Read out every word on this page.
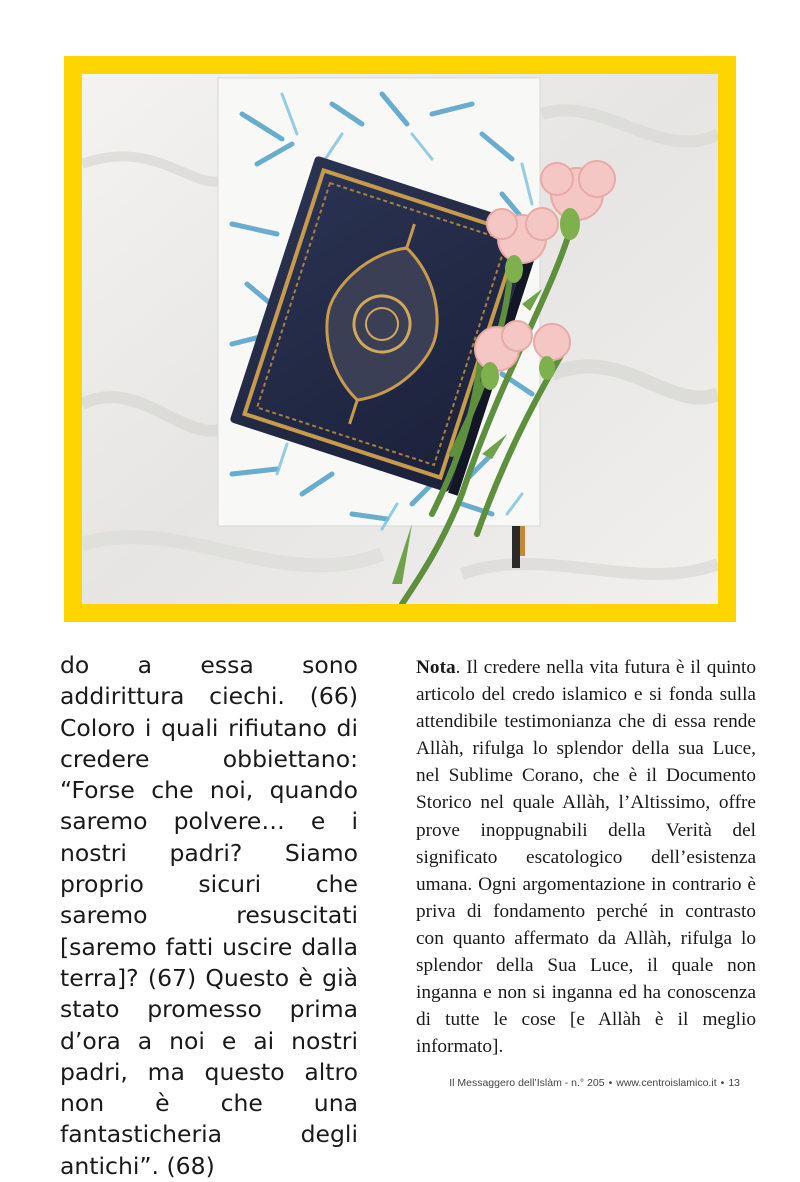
do a essa sono addirittura ciechi. (66) Coloro i quali rifiutano di credere obbiettano: “Forse che noi, quando saremo polvere… e i nostri padri? Siamo proprio sicuri che saremo resuscitati [saremo fatti uscire dalla terra]? (67) Questo è già stato promesso prima d’ora a noi e ai nostri padri, ma questo altro non è che una fantasticheria degli antichi”. (68)

Nota. Il credere nella vita futura è il quinto articolo del credo islamico e si fonda sulla attendibile testimonianza che di essa rende Allàh, rifulga lo splendor della sua Luce, nel Sublime Corano, che è il Documento Storico nel quale Allàh, l’Altissimo, offre prove inoppugnabili della Verità del significato escatologico dell’esistenza umana. Ogni argomentazione in contrario è priva di fondamento perché in contrasto con quanto affermato da Allàh, rifulga lo splendor della Sua Luce, il quale non inganna e non si inganna ed ha conoscenza di tutte le cose [e Allàh è il meglio informato].

Il Messaggero dell’Islàm - n.° 205 • www.centroislamico.it • 13
